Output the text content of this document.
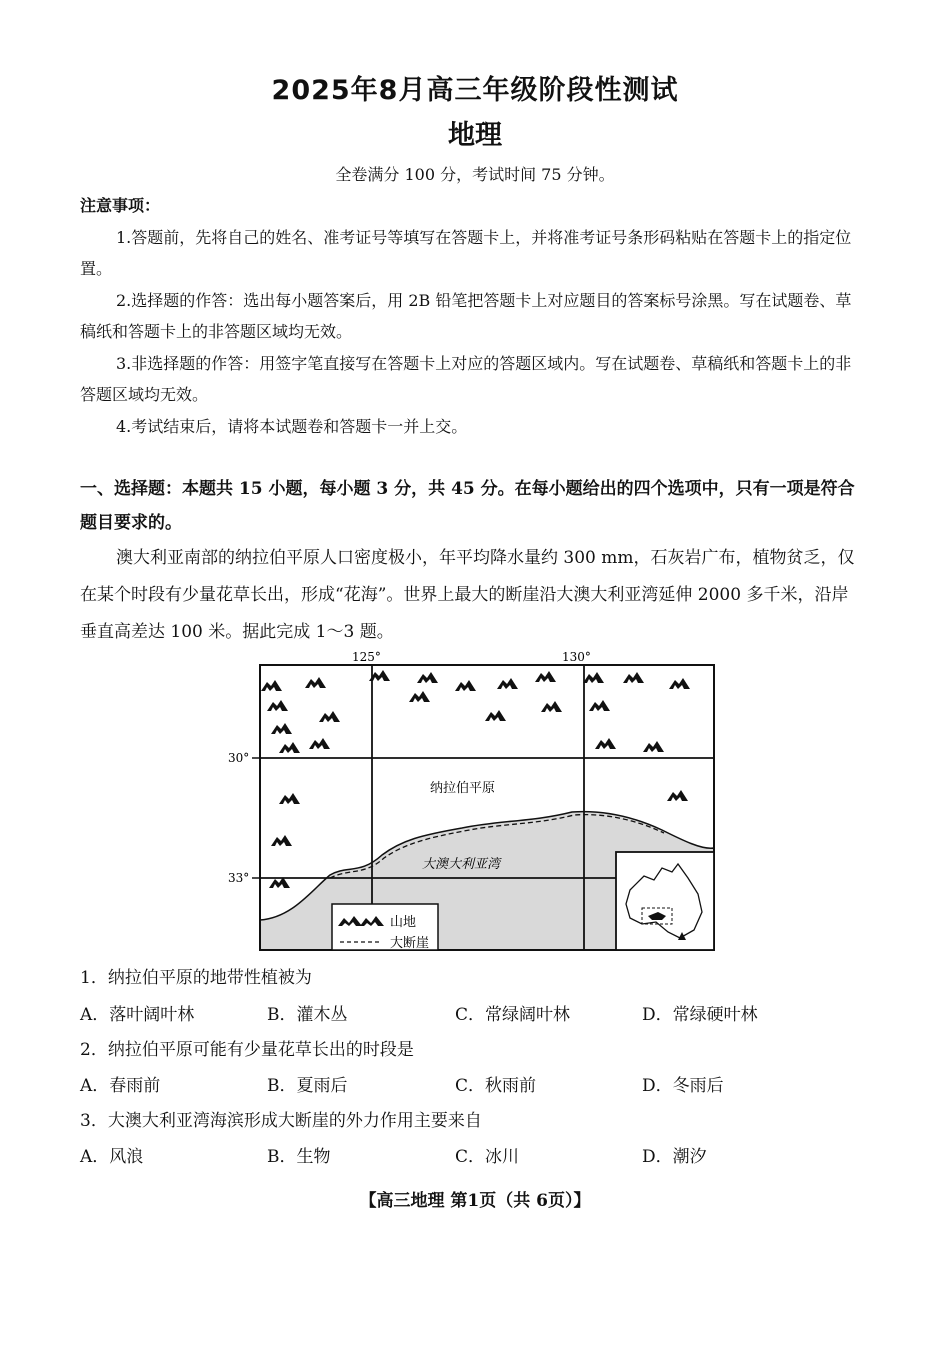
2025年8月高三年级阶段性测试
地理
全卷满分 100 分，考试时间 75 分钟。
注意事项：
1.答题前，先将自己的姓名、准考证号等填写在答题卡上，并将准考证号条形码粘贴在答题卡上的指定位置。
2.选择题的作答：选出每小题答案后，用 2B 铅笔把答题卡上对应题目的答案标号涂黑。写在试题卷、草稿纸和答题卡上的非答题区域均无效。
3.非选择题的作答：用签字笔直接写在答题卡上对应的答题区域内。写在试题卷、草稿纸和答题卡上的非答题区域均无效。
4.考试结束后，请将本试题卷和答题卡一并上交。
一、选择题：本题共 15 小题，每小题 3 分，共 45 分。在每小题给出的四个选项中，只有一项是符合题目要求的。
澳大利亚南部的纳拉伯平原人口密度极小，年平均降水量约 300 mm，石灰岩广布，植物贫乏，仅在某个时段有少量花草长出，形成“花海”。世界上最大的断崖沿大澳大利亚湾延伸 2000 多千米，沿岸垂直高差达 100 米。据此完成 1～3 题。
125°	130°
30°
33°
纳拉伯平原
大澳大利亚湾
山地
大断崖
1．纳拉伯平原的地带性植被为
A．落叶阔叶林	B．灌木丛	C．常绿阔叶林	D．常绿硬叶林
2．纳拉伯平原可能有少量花草长出的时段是
A．春雨前	B．夏雨后	C．秋雨前	D．冬雨后
3．大澳大利亚湾海滨形成大断崖的外力作用主要来自
A．风浪	B．生物	C．冰川	D．潮汐
【高三地理 第1页（共 6页）】
